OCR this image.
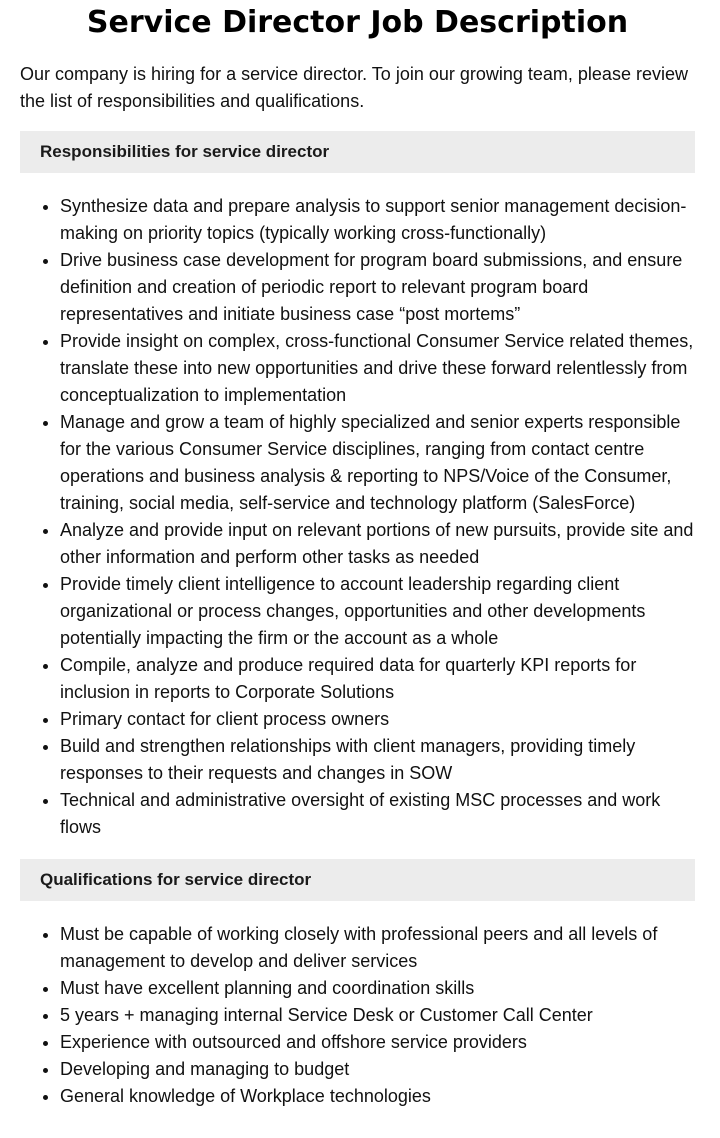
Service Director Job Description

Our company is hiring for a service director. To join our growing team, please review the list of responsibilities and qualifications.

Responsibilities for service director
• Synthesize data and prepare analysis to support senior management decision-making on priority topics (typically working cross-functionally)
• Drive business case development for program board submissions, and ensure definition and creation of periodic report to relevant program board representatives and initiate business case “post mortems”
• Provide insight on complex, cross-functional Consumer Service related themes, translate these into new opportunities and drive these forward relentlessly from conceptualization to implementation
• Manage and grow a team of highly specialized and senior experts responsible for the various Consumer Service disciplines, ranging from contact centre operations and business analysis & reporting to NPS/Voice of the Consumer, training, social media, self-service and technology platform (SalesForce)
• Analyze and provide input on relevant portions of new pursuits, provide site and other information and perform other tasks as needed
• Provide timely client intelligence to account leadership regarding client organizational or process changes, opportunities and other developments potentially impacting the firm or the account as a whole
• Compile, analyze and produce required data for quarterly KPI reports for inclusion in reports to Corporate Solutions
• Primary contact for client process owners
• Build and strengthen relationships with client managers, providing timely responses to their requests and changes in SOW
• Technical and administrative oversight of existing MSC processes and work flows
Qualifications for service director
• Must be capable of working closely with professional peers and all levels of management to develop and deliver services
• Must have excellent planning and coordination skills
• 5 years + managing internal Service Desk or Customer Call Center
• Experience with outsourced and offshore service providers
• Developing and managing to budget
• General knowledge of Workplace technologies
